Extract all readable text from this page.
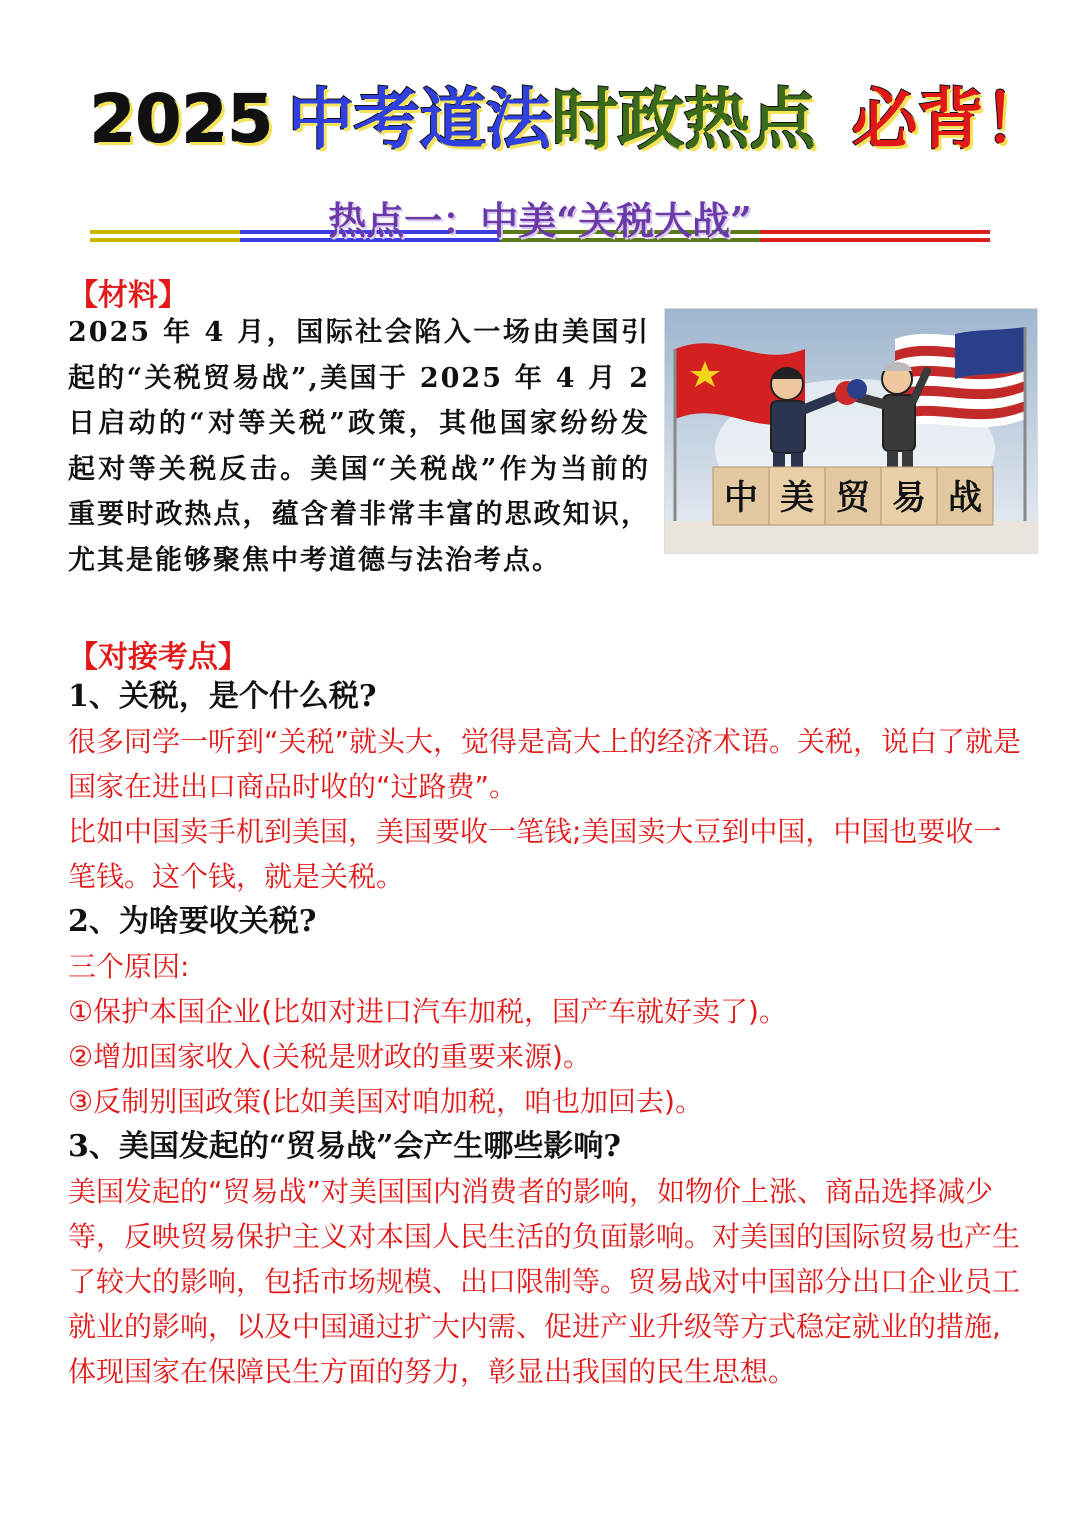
2025 中考道法时政热点 必背！
热点一：中美“关税大战”
【材料】
2025 年 4 月，国际社会陷入一场由美国引起的“关税贸易战”,美国于 2025 年 4 月 2 日启动的“对等关税”政策，其他国家纷纷发起对等关税反击。美国“关税战”作为当前的重要时政热点，蕴含着非常丰富的思政知识，尤其是能够聚焦中考道德与法治考点。
中 美 贸 易 战
【对接考点】

1、关税，是个什么税?

很多同学一听到“关税”就头大，觉得是高大上的经济术语。关税，说白了就是国家在进出口商品时收的“过路费”。

比如中国卖手机到美国，美国要收一笔钱;美国卖大豆到中国，中国也要收一笔钱。这个钱，就是关税。

2、为啥要收关税?

三个原因:

①保护本国企业(比如对进口汽车加税，国产车就好卖了)。

②增加国家收入(关税是财政的重要来源)。

③反制别国政策(比如美国对咱加税，咱也加回去)。

3、美国发起的“贸易战”会产生哪些影响?

美国发起的“贸易战”对美国国内消费者的影响，如物价上涨、商品选择减少等，反映贸易保护主义对本国人民生活的负面影响。对美国的国际贸易也产生了较大的影响，包括市场规模、出口限制等。贸易战对中国部分出口企业员工就业的影响，以及中国通过扩大内需、促进产业升级等方式稳定就业的措施,体现国家在保障民生方面的努力，彰显出我国的民生思想。
